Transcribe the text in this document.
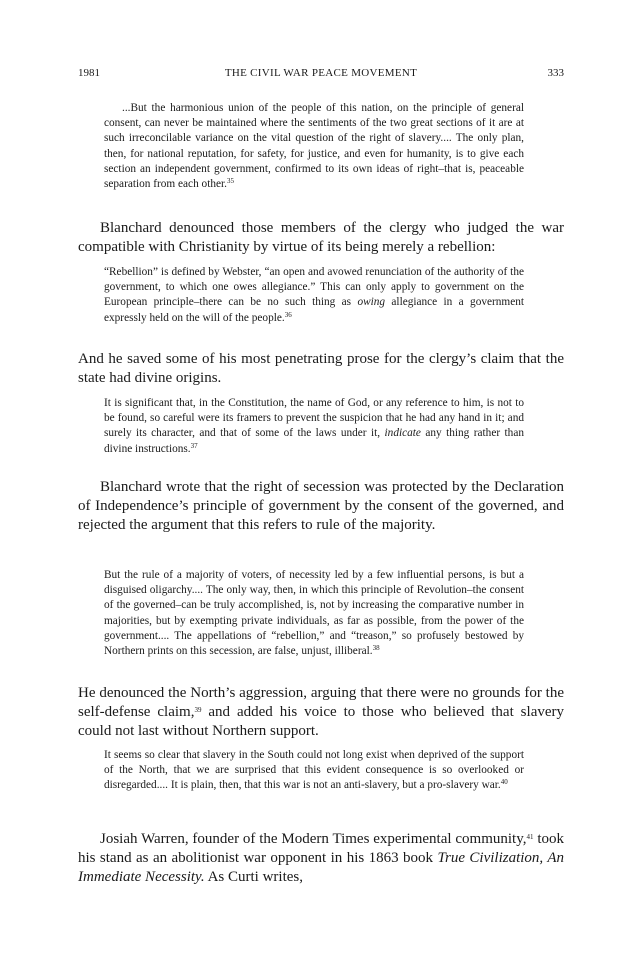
1981	THE CIVIL WAR PEACE MOVEMENT	333

...But the harmonious union of the people of this nation, on the principle of general consent, can never be maintained where the sentiments of the two great sections of it are at such irreconcilable variance on the vital question of the right of slavery.... The only plan, then, for national reputation, for safety, for justice, and even for humanity, is to give each section an independent government, confirmed to its own ideas of right–that is, peaceable separation from each other.$^{35}$

Blanchard denounced those members of the clergy who judged the war compatible with Christianity by virtue of its being merely a rebellion:

“Rebellion” is defined by Webster, “an open and avowed renunciation of the authority of the government, to which one owes allegiance.” This can only apply to government on the European principle–there can be no such thing as owing allegiance in a government expressly held on the will of the people.$^{36}$

And he saved some of his most penetrating prose for the clergy’s claim that the state had divine origins.

It is significant that, in the Constitution, the name of God, or any reference to him, is not to be found, so careful were its framers to prevent the suspicion that he had any hand in it; and surely its character, and that of some of the laws under it, indicate any thing rather than divine instructions.$^{37}$

Blanchard wrote that the right of secession was protected by the Declaration of Independence’s principle of government by the consent of the governed, and rejected the argument that this refers to rule of the majority.

But the rule of a majority of voters, of necessity led by a few influential persons, is but a disguised oligarchy.... The only way, then, in which this principle of Revolution–the consent of the governed–can be truly accomplished, is, not by increasing the comparative number in majorities, but by exempting private individuals, as far as possible, from the power of the government.... The appellations of “rebellion,” and “treason,” so profusely bestowed by Northern prints on this secession, are false, unjust, illiberal.$^{38}$

He denounced the North’s aggression, arguing that there were no grounds for the self-defense claim,$^{39}$ and added his voice to those who believed that slavery could not last without Northern support.

It seems so clear that slavery in the South could not long exist when deprived of the support of the North, that we are surprised that this evident consequence is so overlooked or disregarded.... It is plain, then, that this war is not an anti-slavery, but a pro-slavery war.$^{40}$

Josiah Warren, founder of the Modern Times experimental community,$^{41}$ took his stand as an abolitionist war opponent in his 1863 book True Civilization, An Immediate Necessity. As Curti writes,
